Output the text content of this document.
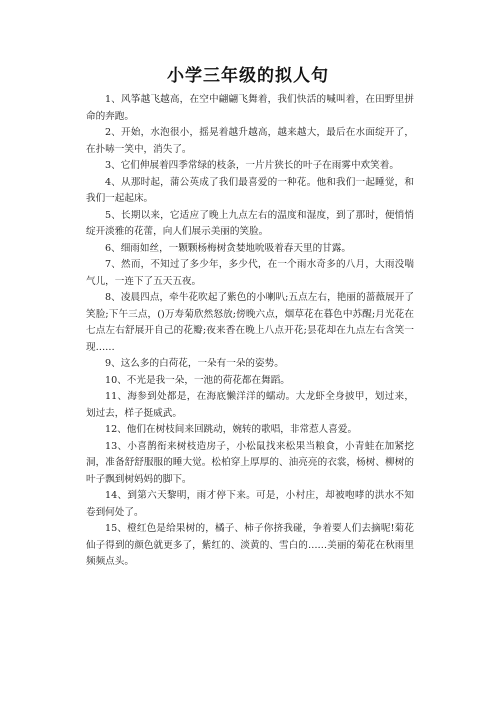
小学三年级的拟人句

1、风筝越飞越高，在空中翩翩飞舞着，我们快活的喊叫着，在田野里拼命的奔跑。

2、开始，水泡很小，摇晃着越升越高，越来越大，最后在水面绽开了，在扑哧一笑中，消失了。

3、它们伸展着四季常绿的枝条，一片片狭长的叶子在雨雾中欢笑着。

4、从那时起，蒲公英成了我们最喜爱的一种花。他和我们一起睡觉，和我们一起起床。

5、长期以来，它适应了晚上九点左右的温度和湿度，到了那时，便悄悄绽开淡雅的花蕾，向人们展示美丽的笑脸。

6、细雨如丝，一颗颗杨梅树贪婪地吮吸着春天里的甘露。

7、然而，不知过了多少年，多少代，在一个雨水奇多的八月，大雨没喘气儿，一连下了五天五夜。

8、凌晨四点，牵牛花吹起了紫色的小喇叭;五点左右，艳丽的蔷薇展开了笑脸;下午三点，()万寿菊欣然怒放;傍晚六点，烟草花在暮色中苏醒;月光花在七点左右舒展开自己的花瓣;夜来香在晚上八点开花;昙花却在九点左右含笑一现……

9、这么多的白荷花，一朵有一朵的姿势。

10、不光是我一朵，一池的荷花都在舞蹈。

11、海参到处都是，在海底懒洋洋的蠕动。大龙虾全身披甲，划过来，划过去，样子挺威武。

12、他们在树枝间来回跳动，婉转的歌唱，非常惹人喜爱。

13、小喜鹊衔来树枝造房子，小松鼠找来松果当粮食，小青蛙在加紧挖洞，准备舒舒服服的睡大觉。松柏穿上厚厚的、油亮亮的衣裳，杨树、柳树的叶子飘到树妈妈的脚下。

14、到第六天黎明，雨才停下来。可是，小村庄，却被咆哮的洪水不知卷到何处了。

15、橙红色是给果树的，橘子、柿子你挤我碰，争着要人们去摘呢!菊花仙子得到的颜色就更多了，紫红的、淡黄的、雪白的……美丽的菊花在秋雨里频频点头。
